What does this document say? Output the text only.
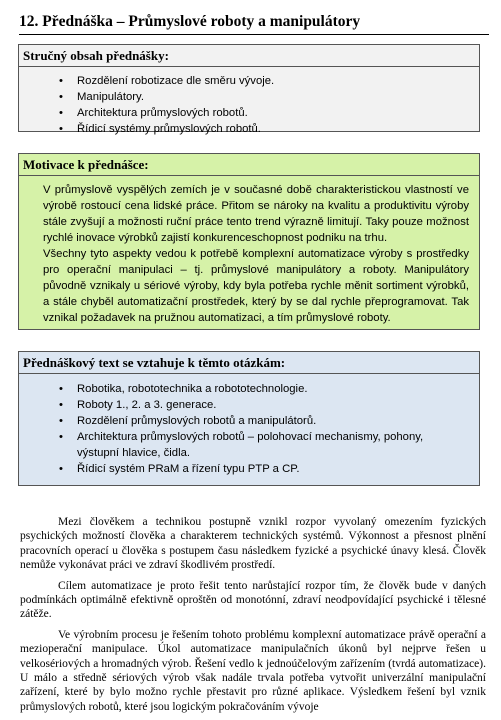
12. Přednáška – Průmyslové roboty a manipulátory
Stručný obsah přednášky:
• Rozdělení robotizace dle směru vývoje.
• Manipulátory.
• Architektura průmyslových robotů.
• Řídicí systémy průmyslových robotů.
Motivace k přednášce:
V průmyslově vyspělých zemích je v současné době charakteristickou vlastností ve výrobě rostoucí cena lidské práce. Přitom se nároky na kvalitu a produktivitu výroby stále zvyšují a možnosti ruční práce tento trend výrazně limitují. Taky pouze možnost rychlé inovace výrobků zajistí konkurenceschopnost podniku na trhu.
Všechny tyto aspekty vedou k potřebě komplexní automatizace výroby s prostředky pro operační manipulaci – tj. průmyslové manipulátory a roboty. Manipulátory původně vznikaly u sériové výroby, kdy byla potřeba rychle měnit sortiment výrobků, a stále chyběl automatizační prostředek, který by se dal rychle přeprogramovat. Tak vznikal požadavek na pružnou automatizaci, a tím průmyslové roboty.
Přednáškový text se vztahuje k těmto otázkám:
• Robotika, robototechnika a robototechnologie.
• Roboty 1., 2. a 3. generace.
• Rozdělení průmyslových robotů a manipulátorů.
• Architektura průmyslových robotů – polohovací mechanismy, pohony, výstupní hlavice, čidla.
• Řídicí systém PRaM a řízení typu PTP a CP.

Mezi člověkem a technikou postupně vznikl rozpor vyvolaný omezením fyzických psychických možností člověka a charakterem technických systémů. Výkonnost a přesnost plnění pracovních operací u člověka s postupem času následkem fyzické a psychické únavy klesá. Člověk nemůže vykonávat práci ve zdraví škodlivém prostředí.

Cílem automatizace je proto řešit tento narůstající rozpor tím, že člověk bude v daných podmínkách optimálně efektivně oproštěn od monotónní, zdraví neodpovídající psychické i tělesné zátěže.

Ve výrobním procesu je řešením tohoto problému komplexní automatizace právě operační a mezioperační manipulace. Úkol automatizace manipulačních úkonů byl nejprve řešen u velkosériových a hromadných výrob. Řešení vedlo k jednoúčelovým zařízením (tvrdá automatizace). U málo a středně sériových výrob však nadále trvala potřeba vytvořit univerzální manipulační zařízení, které by bylo možno rychle přestavit pro různé aplikace. Výsledkem řešení byl vznik průmyslových robotů, které jsou logickým pokračováním vývoje
